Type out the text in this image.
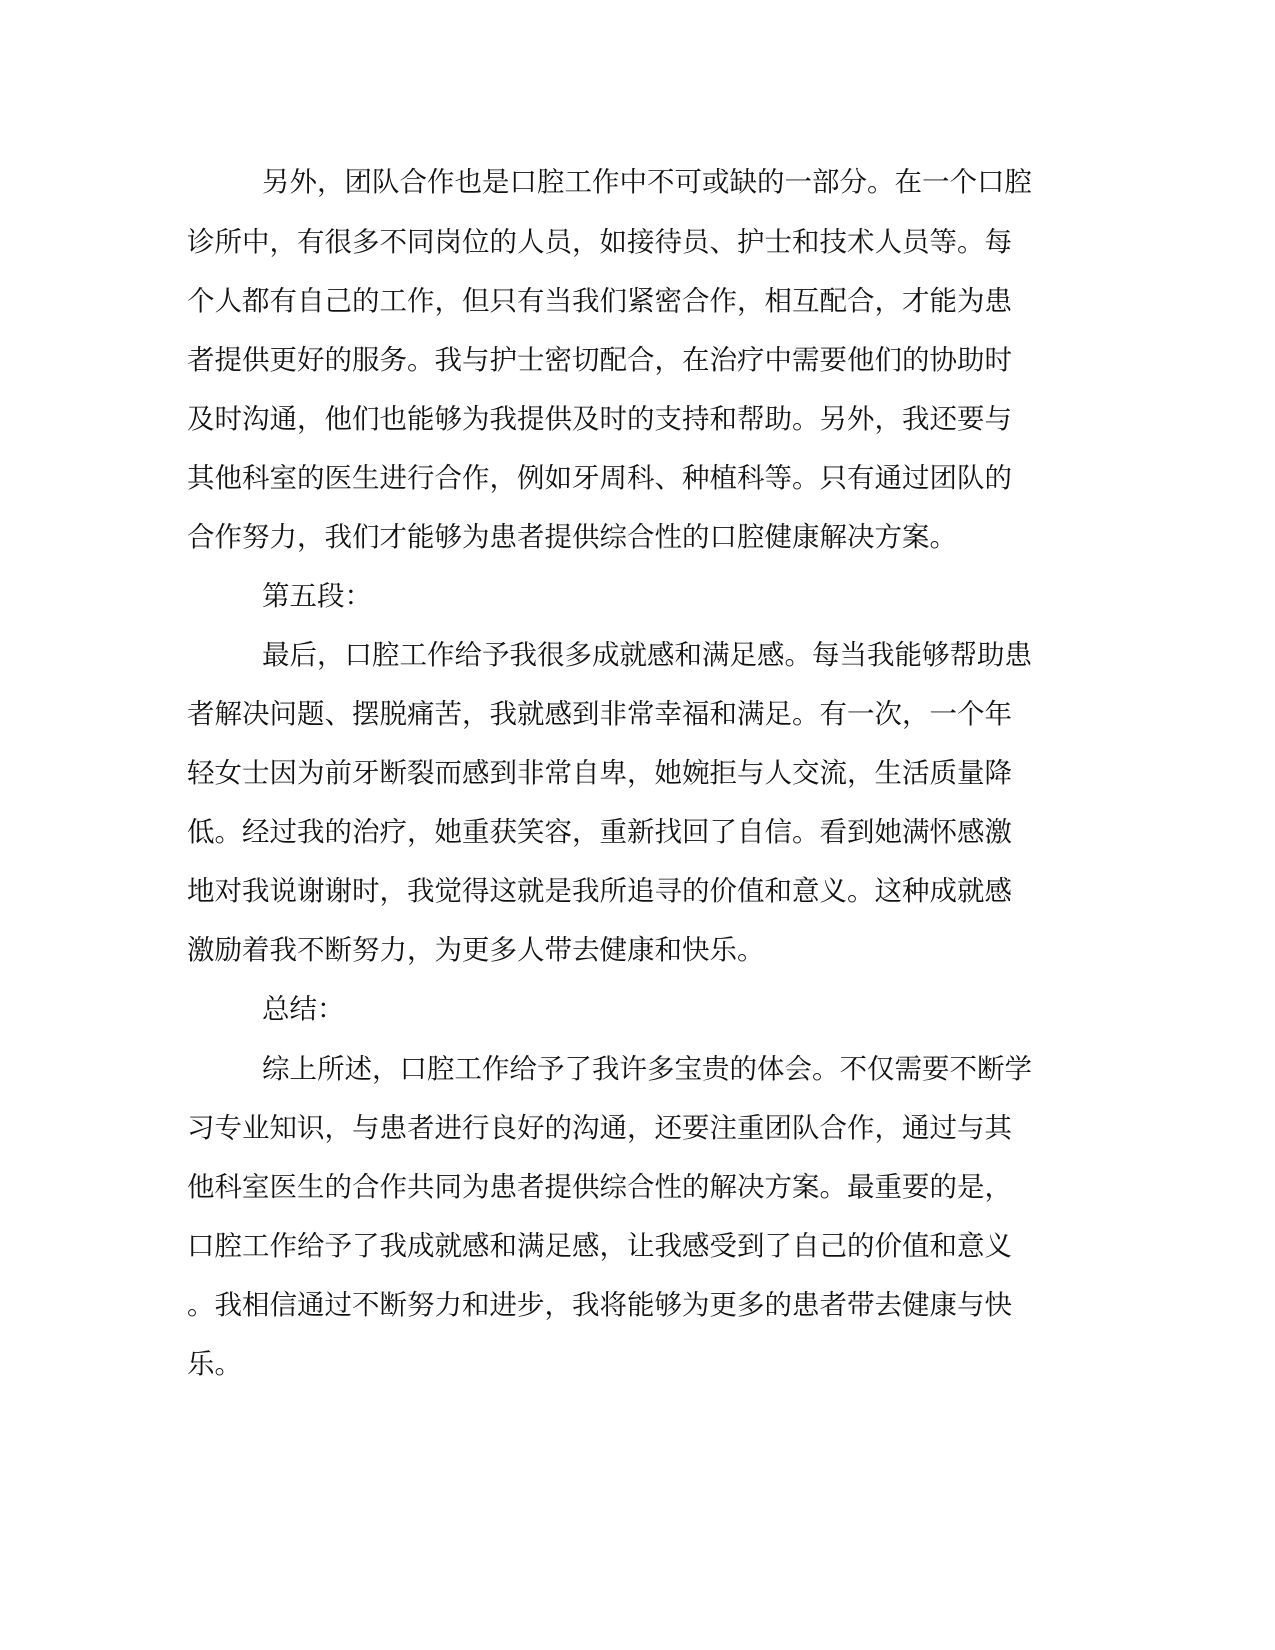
另外，团队合作也是口腔工作中不可或缺的一部分。在一个口腔
诊所中，有很多不同岗位的人员，如接待员、护士和技术人员等。每
个人都有自己的工作，但只有当我们紧密合作，相互配合，才能为患
者提供更好的服务。我与护士密切配合，在治疗中需要他们的协助时
及时沟通，他们也能够为我提供及时的支持和帮助。另外，我还要与
其他科室的医生进行合作，例如牙周科、种植科等。只有通过团队的
合作努力，我们才能够为患者提供综合性的口腔健康解决方案。
第五段：
最后，口腔工作给予我很多成就感和满足感。每当我能够帮助患
者解决问题、摆脱痛苦，我就感到非常幸福和满足。有一次，一个年
轻女士因为前牙断裂而感到非常自卑，她婉拒与人交流，生活质量降
低。经过我的治疗，她重获笑容，重新找回了自信。看到她满怀感激
地对我说谢谢时，我觉得这就是我所追寻的价值和意义。这种成就感
激励着我不断努力，为更多人带去健康和快乐。
总结：
综上所述，口腔工作给予了我许多宝贵的体会。不仅需要不断学
习专业知识，与患者进行良好的沟通，还要注重团队合作，通过与其
他科室医生的合作共同为患者提供综合性的解决方案。最重要的是，
口腔工作给予了我成就感和满足感，让我感受到了自己的价值和意义
。我相信通过不断努力和进步，我将能够为更多的患者带去健康与快
乐。
